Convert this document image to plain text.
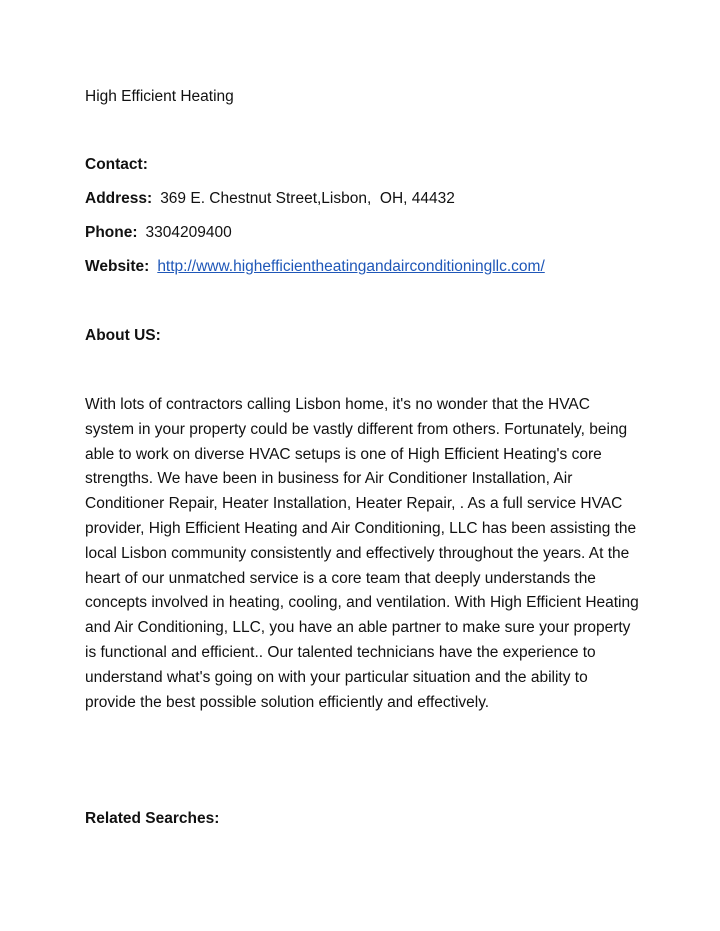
High Efficient Heating
Contact:
Address: 369 E. Chestnut Street,Lisbon,  OH, 44432
Phone: 3304209400
Website: http://www.highefficientheatingandairconditioningllc.com/
About US:
With lots of contractors calling Lisbon home, it's no wonder that the HVAC system in your property could be vastly different from others. Fortunately, being able to work on diverse HVAC setups is one of High Efficient Heating's core strengths. We have been in business for Air Conditioner Installation, Air Conditioner Repair, Heater Installation, Heater Repair, . As a full service HVAC provider, High Efficient Heating and Air Conditioning, LLC has been assisting the local Lisbon community consistently and effectively throughout the years. At the heart of our unmatched service is a core team that deeply understands the concepts involved in heating, cooling, and ventilation. With High Efficient Heating and Air Conditioning, LLC, you have an able partner to make sure your property is functional and efficient.. Our talented technicians have the experience to understand what's going on with your particular situation and the ability to provide the best possible solution efficiently and effectively.
Related Searches:
